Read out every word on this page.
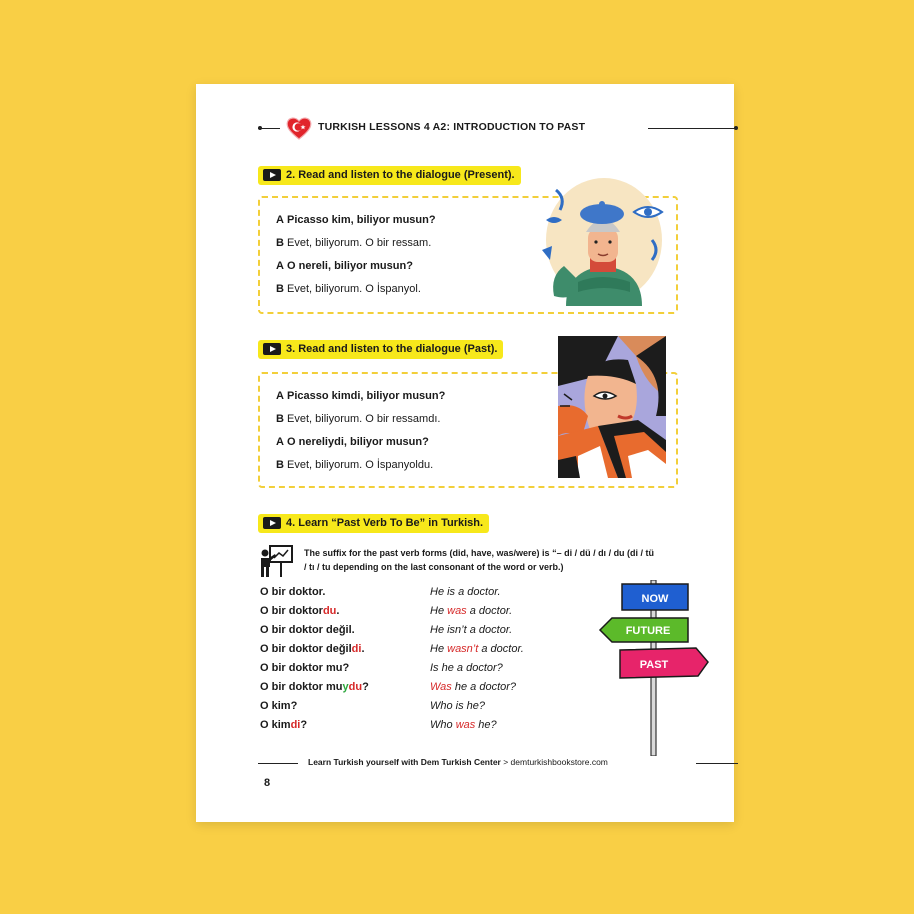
TURKISH LESSONS 4 A2: INTRODUCTION TO PAST
2. Read and listen to the dialogue (Present).
A Picasso kim, biliyor musun?
B Evet, biliyorum. O bir ressam.
A O nereli, biliyor musun?
B Evet, biliyorum. O İspanyol.
3. Read and listen to the dialogue (Past).
A Picasso kimdi, biliyor musun?
B Evet, biliyorum. O bir ressamdı.
A O nereliydi, biliyor musun?
B Evet, biliyorum. O İspanyoldu.
4. Learn “Past Verb To Be” in Turkish.
The suffix for the past verb forms (did, have, was/were) is “– di / dü / dı / du (di / tü / tı / tu depending on the last consonant of the word or verb.)
O bir doktor.	He is a doctor.
O bir doktordu.	He was a doctor.
O bir doktor değil.	He isn’t a doctor.
O bir doktor değildi.	He wasn’t a doctor.
O bir doktor mu?	Is he a doctor?
O bir doktor muydu?	Was he a doctor?
O kim?	Who is he?
O kimdi?	Who was he?
NOW
FUTURE
PAST
Learn Turkish yourself with Dem Turkish Center > demturkishbookstore.com
8
